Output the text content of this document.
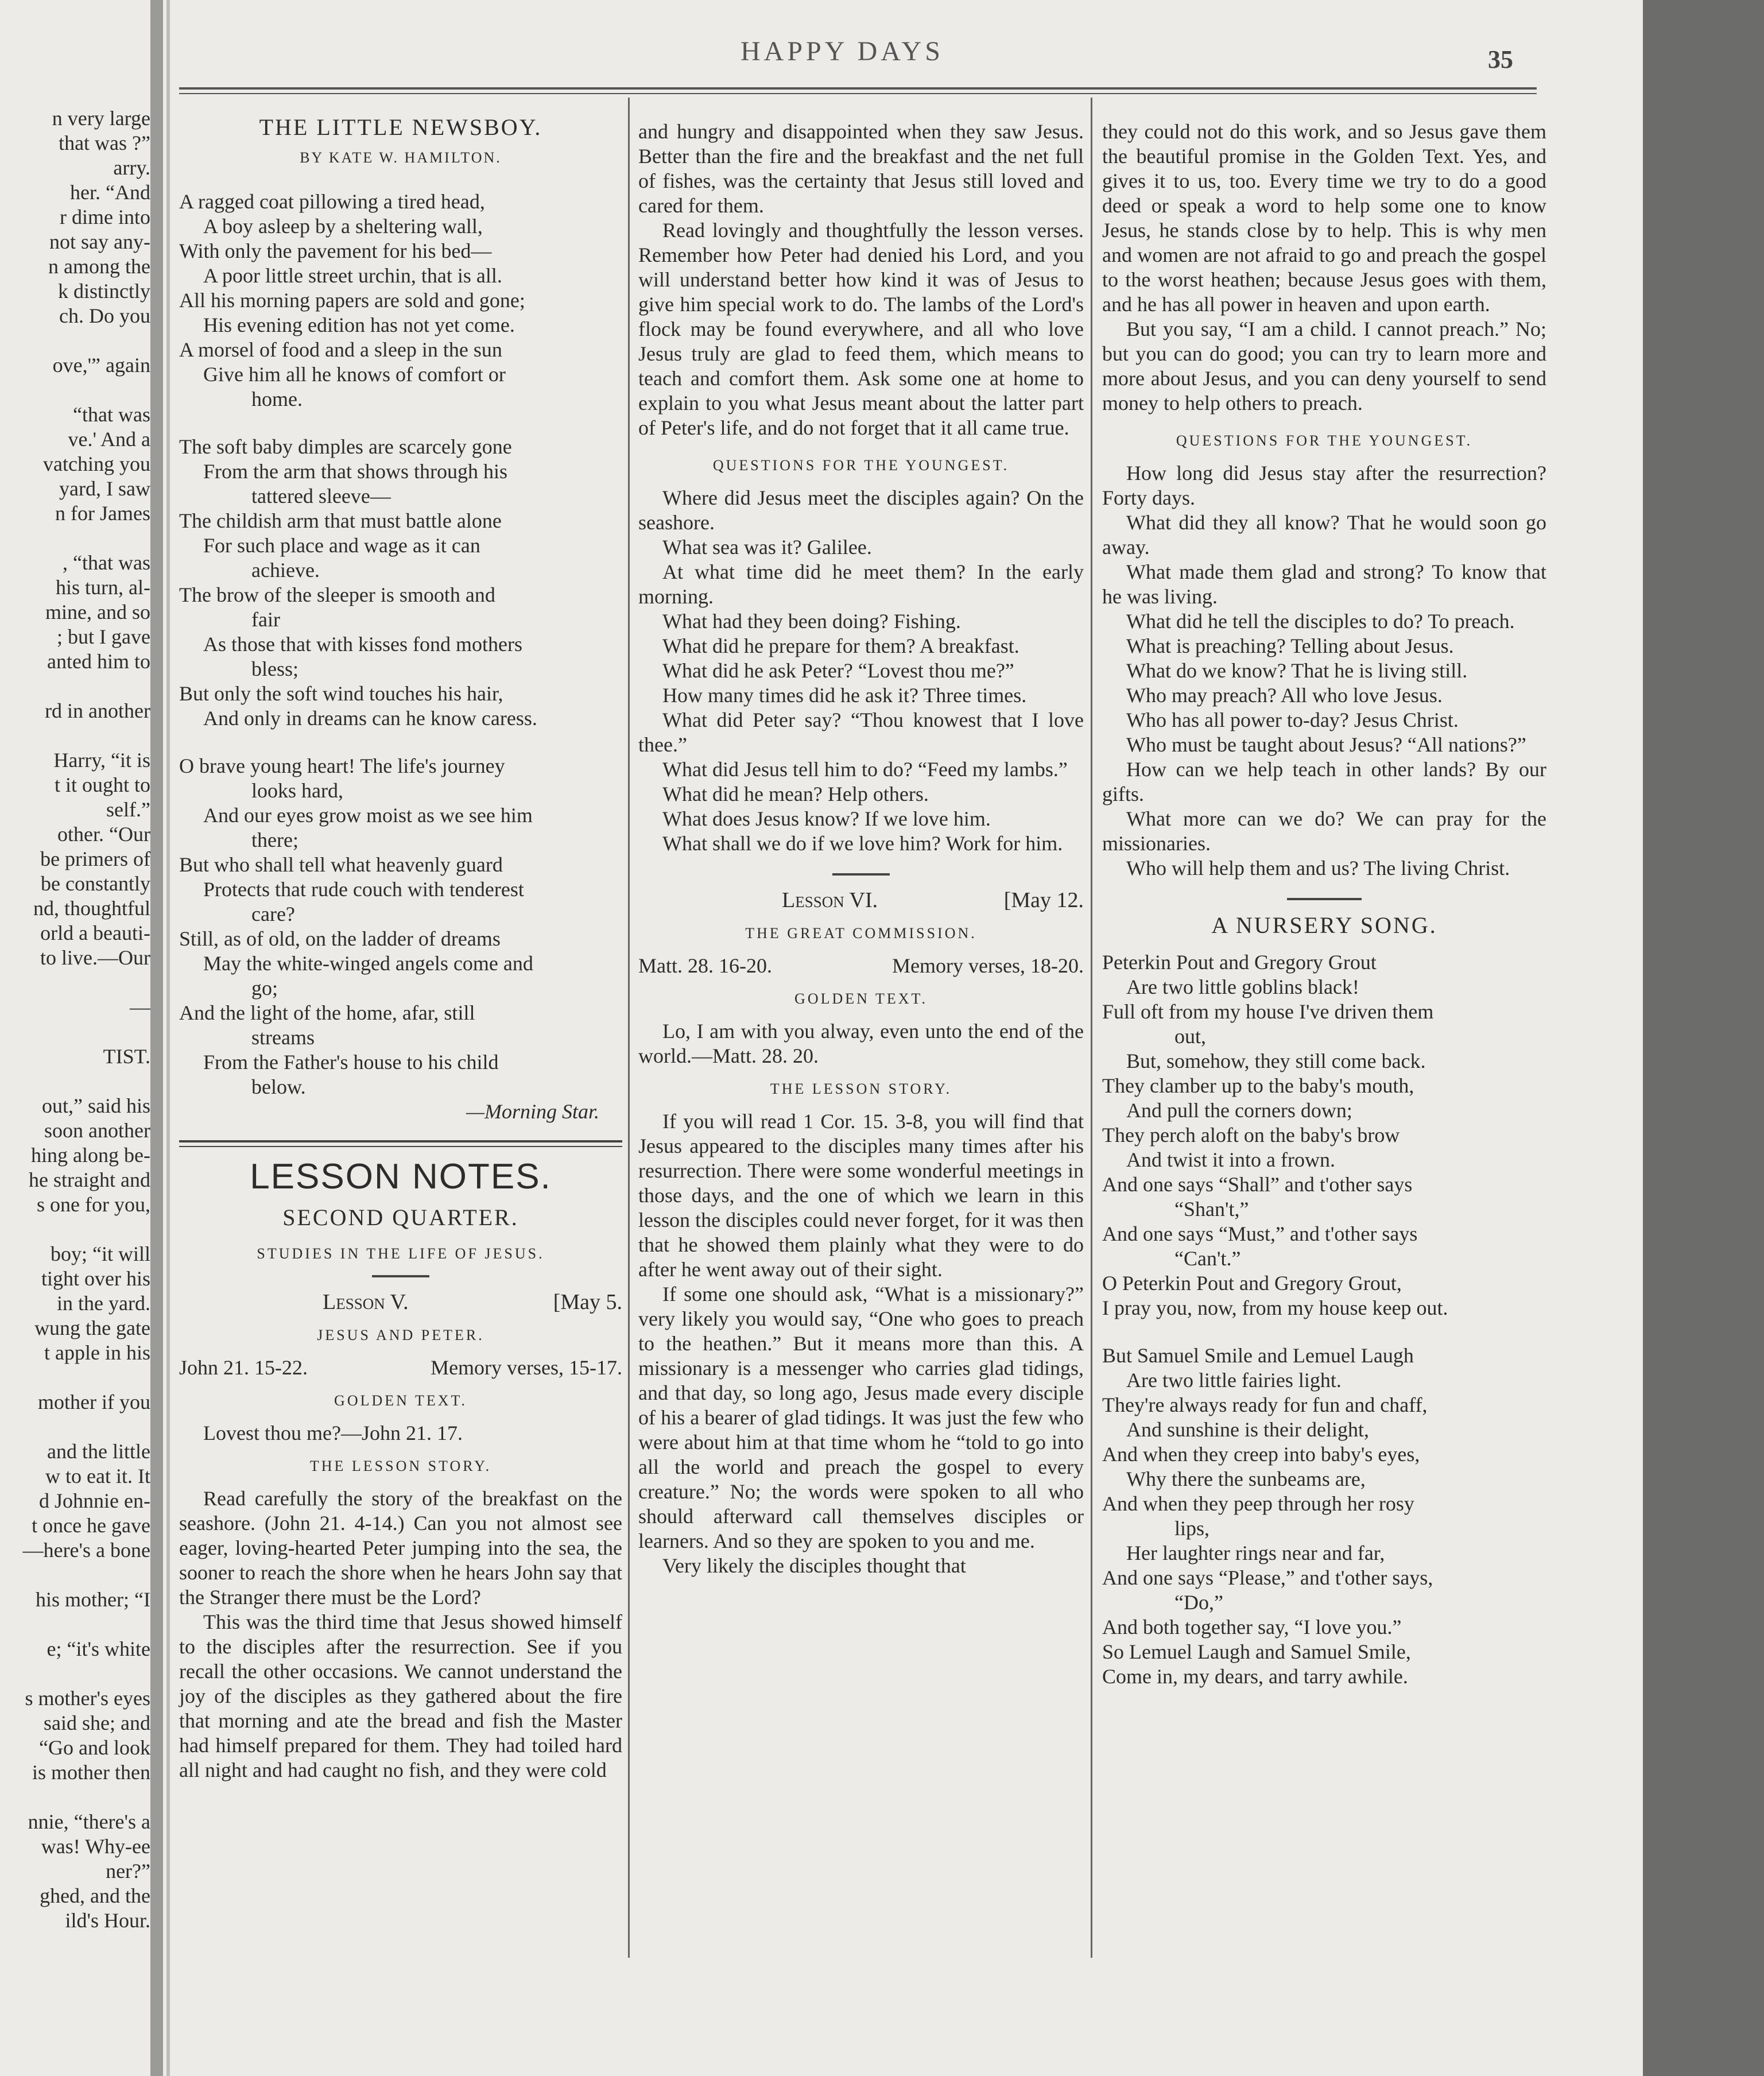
n very large
that was ?”
arry.
her. “And
r dime into
not say any-
n among the
k distinctly
ch. Do you

ove,'” again

“that was
ve.' And a
vatching you
yard, I saw
n for James

, “that was
his turn, al-
mine, and so
; but I gave
anted him to

rd in another

Harry, “it is
t it ought to
self.”
other. “Our
be primers of
be constantly
nd, thoughtful
orld a beauti-
to live.—Our

—

TIST.

out,” said his
soon another
hing along be-
he straight and
s one for you,

boy; “it will
tight over his
in the yard.
wung the gate
t apple in his

mother if you

and the little
w to eat it. It
d Johnnie en-
t once he gave
—here's a bone

his mother; “I

e; “it's white

s mother's eyes
said she; and
“Go and look
is mother then

nnie, “there's a
was! Why-ee
ner?”
ghed, and the
ild's Hour.
HAPPY DAYS	35
THE LITTLE NEWSBOY.
BY KATE W. HAMILTON.
A ragged coat pillowing a tired head,
A boy asleep by a sheltering wall,
With only the pavement for his bed—
A poor little street urchin, that is all.
All his morning papers are sold and gone;
His evening edition has not yet come.
A morsel of food and a sleep in the sun
Give him all he knows of comfort or
home.
The soft baby dimples are scarcely gone
From the arm that shows through his
tattered sleeve—
The childish arm that must battle alone
For such place and wage as it can
achieve.
The brow of the sleeper is smooth and
fair
As those that with kisses fond mothers
bless;
But only the soft wind touches his hair,
And only in dreams can he know caress.
O brave young heart! The life's journey
looks hard,
And our eyes grow moist as we see him
there;
But who shall tell what heavenly guard
Protects that rude couch with tenderest
care?
Still, as of old, on the ladder of dreams
May the white-winged angels come and
go;
And the light of the home, afar, still
streams
From the Father's house to his child
below.
—Morning Star.
LESSON NOTES.
SECOND QUARTER.
STUDIES IN THE LIFE OF JESUS.
Lesson V.	[May 5.
JESUS AND PETER.
John 21. 15-22.	Memory verses, 15-17.
GOLDEN TEXT.

Lovest thou me?—John 21. 17.

THE LESSON STORY.

Read carefully the story of the breakfast on the seashore. (John 21. 4-14.) Can you not almost see eager, loving-hearted Peter jumping into the sea, the sooner to reach the shore when he hears John say that the Stranger there must be the Lord?

This was the third time that Jesus showed himself to the disciples after the resurrection. See if you recall the other occasions. We cannot understand the joy of the disciples as they gathered about the fire that morning and ate the bread and fish the Master had himself prepared for them. They had toiled hard all night and had caught no fish, and they were cold

and hungry and disappointed when they saw Jesus. Better than the fire and the breakfast and the net full of fishes, was the certainty that Jesus still loved and cared for them.

Read lovingly and thoughtfully the lesson verses. Remember how Peter had denied his Lord, and you will understand better how kind it was of Jesus to give him special work to do. The lambs of the Lord's flock may be found everywhere, and all who love Jesus truly are glad to feed them, which means to teach and comfort them. Ask some one at home to explain to you what Jesus meant about the latter part of Peter's life, and do not forget that it all came true.

QUESTIONS FOR THE YOUNGEST.

Where did Jesus meet the disciples again? On the seashore.

What sea was it? Galilee.

At what time did he meet them? In the early morning.

What had they been doing? Fishing.

What did he prepare for them? A breakfast.

What did he ask Peter? “Lovest thou me?”

How many times did he ask it? Three times.

What did Peter say? “Thou knowest that I love thee.”

What did Jesus tell him to do? “Feed my lambs.”

What did he mean? Help others.

What does Jesus know? If we love him.

What shall we do if we love him? Work for him.

Lesson VI.	[May 12.
THE GREAT COMMISSION.
Matt. 28. 16-20.	Memory verses, 18-20.
GOLDEN TEXT.

Lo, I am with you alway, even unto the end of the world.—Matt. 28. 20.

THE LESSON STORY.

If you will read 1 Cor. 15. 3-8, you will find that Jesus appeared to the disciples many times after his resurrection. There were some wonderful meetings in those days, and the one of which we learn in this lesson the disciples could never forget, for it was then that he showed them plainly what they were to do after he went away out of their sight.

If some one should ask, “What is a missionary?” very likely you would say, “One who goes to preach to the heathen.” But it means more than this. A missionary is a messenger who carries glad tidings, and that day, so long ago, Jesus made every disciple of his a bearer of glad tidings. It was just the few who were about him at that time whom he “told to go into all the world and preach the gospel to every creature.” No; the words were spoken to all who should afterward call themselves disciples or learners. And so they are spoken to you and me.

Very likely the disciples thought that

they could not do this work, and so Jesus gave them the beautiful promise in the Golden Text. Yes, and gives it to us, too. Every time we try to do a good deed or speak a word to help some one to know Jesus, he stands close by to help. This is why men and women are not afraid to go and preach the gospel to the worst heathen; because Jesus goes with them, and he has all power in heaven and upon earth.

But you say, “I am a child. I cannot preach.” No; but you can do good; you can try to learn more and more about Jesus, and you can deny yourself to send money to help others to preach.

QUESTIONS FOR THE YOUNGEST.

How long did Jesus stay after the resurrection? Forty days.

What did they all know? That he would soon go away.

What made them glad and strong? To know that he was living.

What did he tell the disciples to do? To preach.

What is preaching? Telling about Jesus.

What do we know? That he is living still.

Who may preach? All who love Jesus.

Who has all power to-day? Jesus Christ.

Who must be taught about Jesus? “All nations?”

How can we help teach in other lands? By our gifts.

What more can we do? We can pray for the missionaries.

Who will help them and us? The living Christ.

A NURSERY SONG.
Peterkin Pout and Gregory Grout
Are two little goblins black!
Full oft from my house I've driven them
out,
But, somehow, they still come back.
They clamber up to the baby's mouth,
And pull the corners down;
They perch aloft on the baby's brow
And twist it into a frown.
And one says “Shall” and t'other says
“Shan't,”
And one says “Must,” and t'other says
“Can't.”
O Peterkin Pout and Gregory Grout,
I pray you, now, from my house keep out.
But Samuel Smile and Lemuel Laugh
Are two little fairies light.
They're always ready for fun and chaff,
And sunshine is their delight,
And when they creep into baby's eyes,
Why there the sunbeams are,
And when they peep through her rosy
lips,
Her laughter rings near and far,
And one says “Please,” and t'other says,
“Do,”
And both together say, “I love you.”
So Lemuel Laugh and Samuel Smile,
Come in, my dears, and tarry awhile.
